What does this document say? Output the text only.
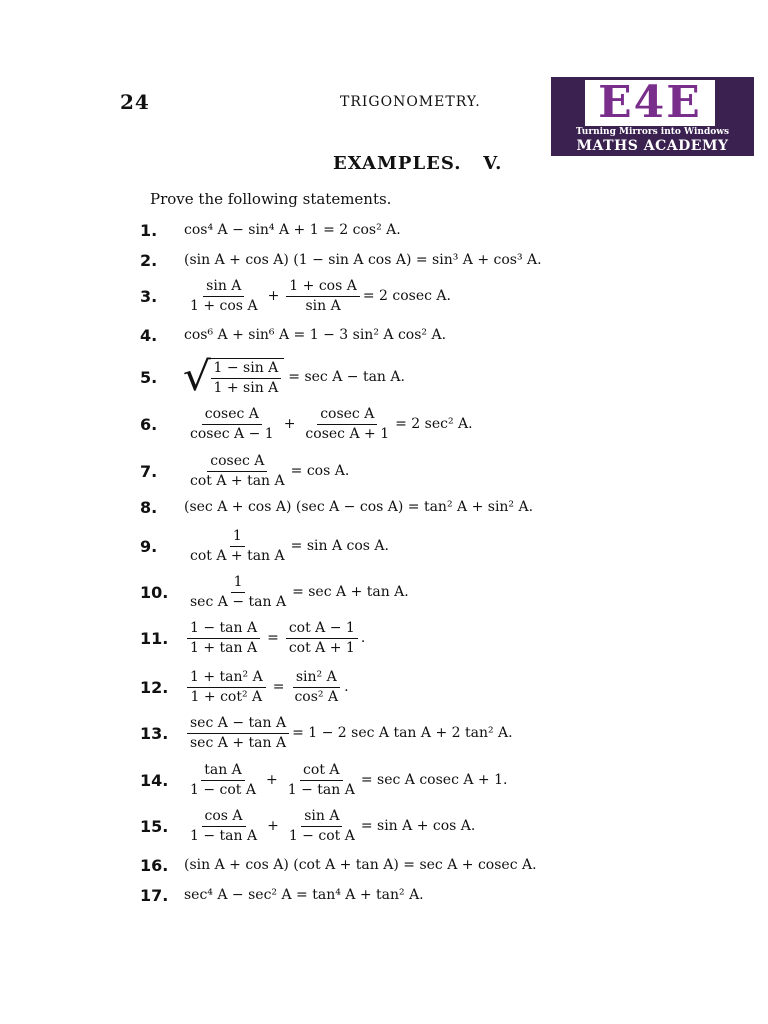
24	TRIGONOMETRY.	E4E
Turning Mirrors into Windows
MATHS ACADEMY
EXAMPLES.   V.
Prove the following statements.
1.	cos⁴ A − sin⁴ A + 1 = 2 cos² A.
2.	(sin A + cos A) (1 − sin A cos A) = sin³ A + cos³ A.
3.	$\frac{\text{sin A}}{\text{1 + cos A}} + \frac{\text{1 + cos A}}{\text{sin A}} = 2$ cosec A.
4.	cos⁶ A + sin⁶ A = 1 − 3 sin² A cos² A.
5. √ $\frac{\text{1 − sin A}}{\text{1 + sin A}} = \sec A - \tan A$.
6.	$\frac{\text{cosec A}}{\text{cosec A − 1}} + \frac{\text{cosec A}}{\text{cosec A + 1}} = 2$ sec² A.
7.	$\frac{\text{cosec A}}{\text{cot A + tan A}} = \cos A$.
8.	(sec A + cos A) (sec A − cos A) = tan² A + sin² A.
9.	$\frac{1}{\text{cot A + tan A}} = \sin A$ cos A.
10.	$\frac{1}{\text{sec A − tan A}} = \sec A + \tan A$.
11.	$\frac{\text{1 − tan A}}{\text{1 + tan A}} = \frac{\text{cot A − 1}}{\text{cot A + 1}}$ .
12.	$\frac{\text{1 + tan² A}}{\text{1 + cot² A}} = \frac{\text{sin² A}}{\text{cos² A}}$ .
13.	$\frac{\text{sec A − tan A}}{\text{sec A + tan A}} = 1 - 2$ sec A tan A + 2 tan² A.
14.	$\frac{\text{tan A}}{\text{1 − cot A}} + \frac{\text{cot A}}{\text{1 − tan A}} = \sec A$ cosec A + 1.
15.	$\frac{\text{cos A}}{\text{1 − tan A}} + \frac{\text{sin A}}{\text{1 − cot A}} = \sin A + \cos A$.
16.	(sin A + cos A) (cot A + tan A) = sec A + cosec A.
17.	sec⁴ A − sec² A = tan⁴ A + tan² A.
